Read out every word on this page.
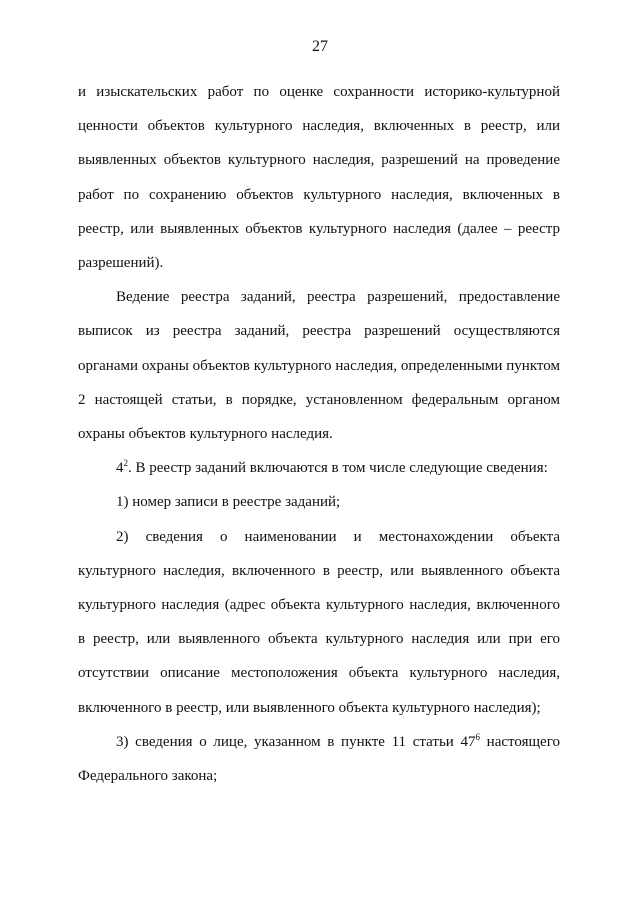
27

и изыскательских работ по оценке сохранности историко-культурной ценности объектов культурного наследия, включенных в реестр, или выявленных объектов культурного наследия, разрешений на проведение работ по сохранению объектов культурного наследия, включенных в реестр, или выявленных объектов культурного наследия (далее – реестр разрешений).

Ведение реестра заданий, реестра разрешений, предоставление выписок из реестра заданий, реестра разрешений осуществляются органами охраны объектов культурного наследия, определенными пунктом 2 настоящей статьи, в порядке, установленном федеральным органом охраны объектов культурного наследия.

$4^2$. В реестр заданий включаются в том числе следующие сведения:

1) номер записи в реестре заданий;

2) сведения о наименовании и местонахождении объекта культурного наследия, включенного в реестр, или выявленного объекта культурного наследия (адрес объекта культурного наследия, включенного в реестр, или выявленного объекта культурного наследия или при его отсутствии описание местоположения объекта культурного наследия, включенного в реестр, или выявленного объекта культурного наследия);

3) сведения о лице, указанном в пункте 11 статьи $47^6$ настоящего Федерального закона;
